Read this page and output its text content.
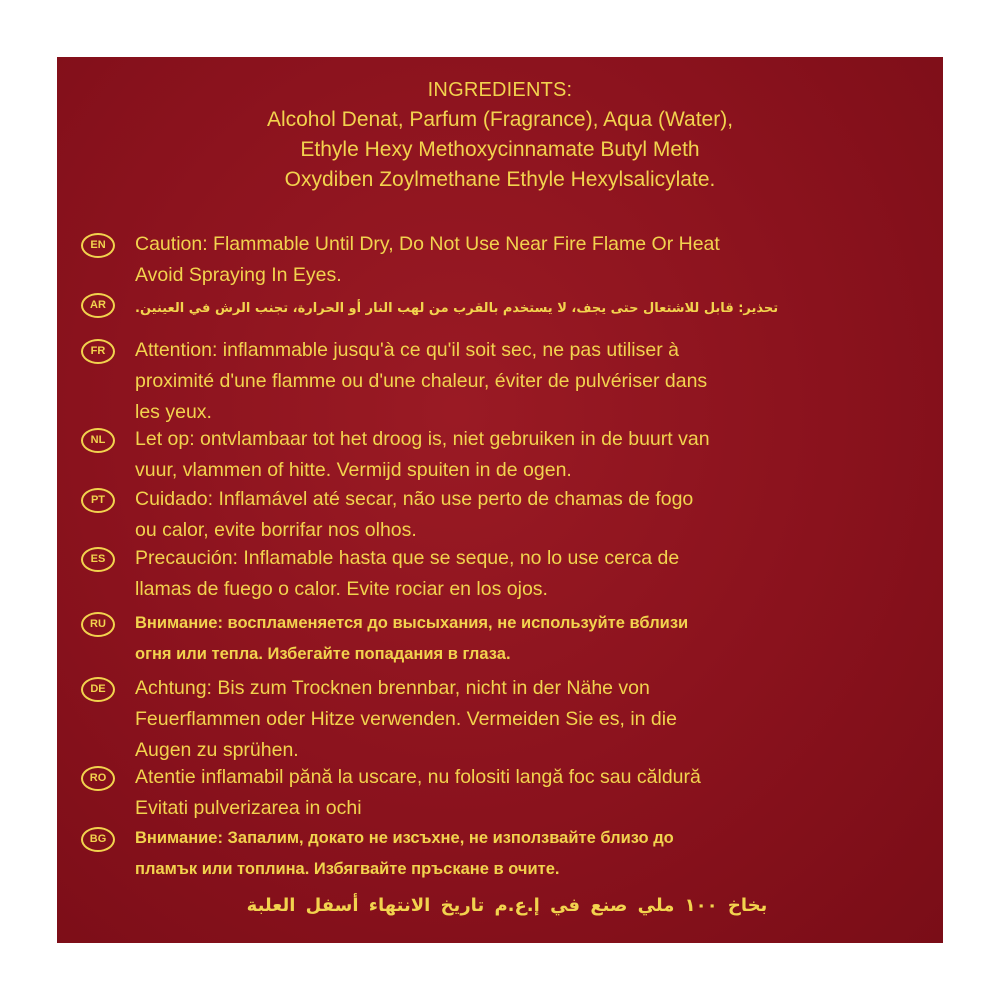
INGREDIENTS:
Alcohol Denat, Parfum (Fragrance), Aqua (Water),
Ethyle Hexy Methoxycinnamate Butyl Meth
Oxydiben Zoylmethane Ethyle Hexylsalicylate.
EN	Caution: Flammable Until Dry, Do Not Use Near Fire Flame Or Heat
Avoid Spraying In Eyes.
AR	تحذير: قابل للاشتعال حتى يجف، لا يستخدم بالقرب من لهب النار أو الحرارة، تجنب الرش في العينين.
FR	Attention: inflammable jusqu'à ce qu'il soit sec, ne pas utiliser à
proximité d'une flamme ou d'une chaleur, éviter de pulvériser dans
les yeux.
NL	Let op: ontvlambaar tot het droog is, niet gebruiken in de buurt van
vuur, vlammen of hitte. Vermijd spuiten in de ogen.
PT	Cuidado: Inflamável até secar, não use perto de chamas de fogo
ou calor, evite borrifar nos olhos.
ES	Precaución: Inflamable hasta que se seque, no lo use cerca de
llamas de fuego o calor. Evite rociar en los ojos.
RU	Внимание: воспламеняется до высыхания, не используйте вблизи
огня или тепла. Избегайте попадания в глаза.
DE	Achtung: Bis zum Trocknen brennbar, nicht in der Nähe von
Feuerflammen oder Hitze verwenden. Vermeiden Sie es, in die
Augen zu sprühen.
RO	Atentie inflamabil pănă la uscare, nu folositi langă foc sau căldură
Evitati pulverizarea in ochi
BG	Внимание: Запалим, докато не изсъхне, не използвайте близо до
пламък или топлина. Избягвайте пръскане в очите.
بخاخ ١٠٠ ملي صنع في إ.ع.م تاريخ الانتهاء أسفل العلبة
